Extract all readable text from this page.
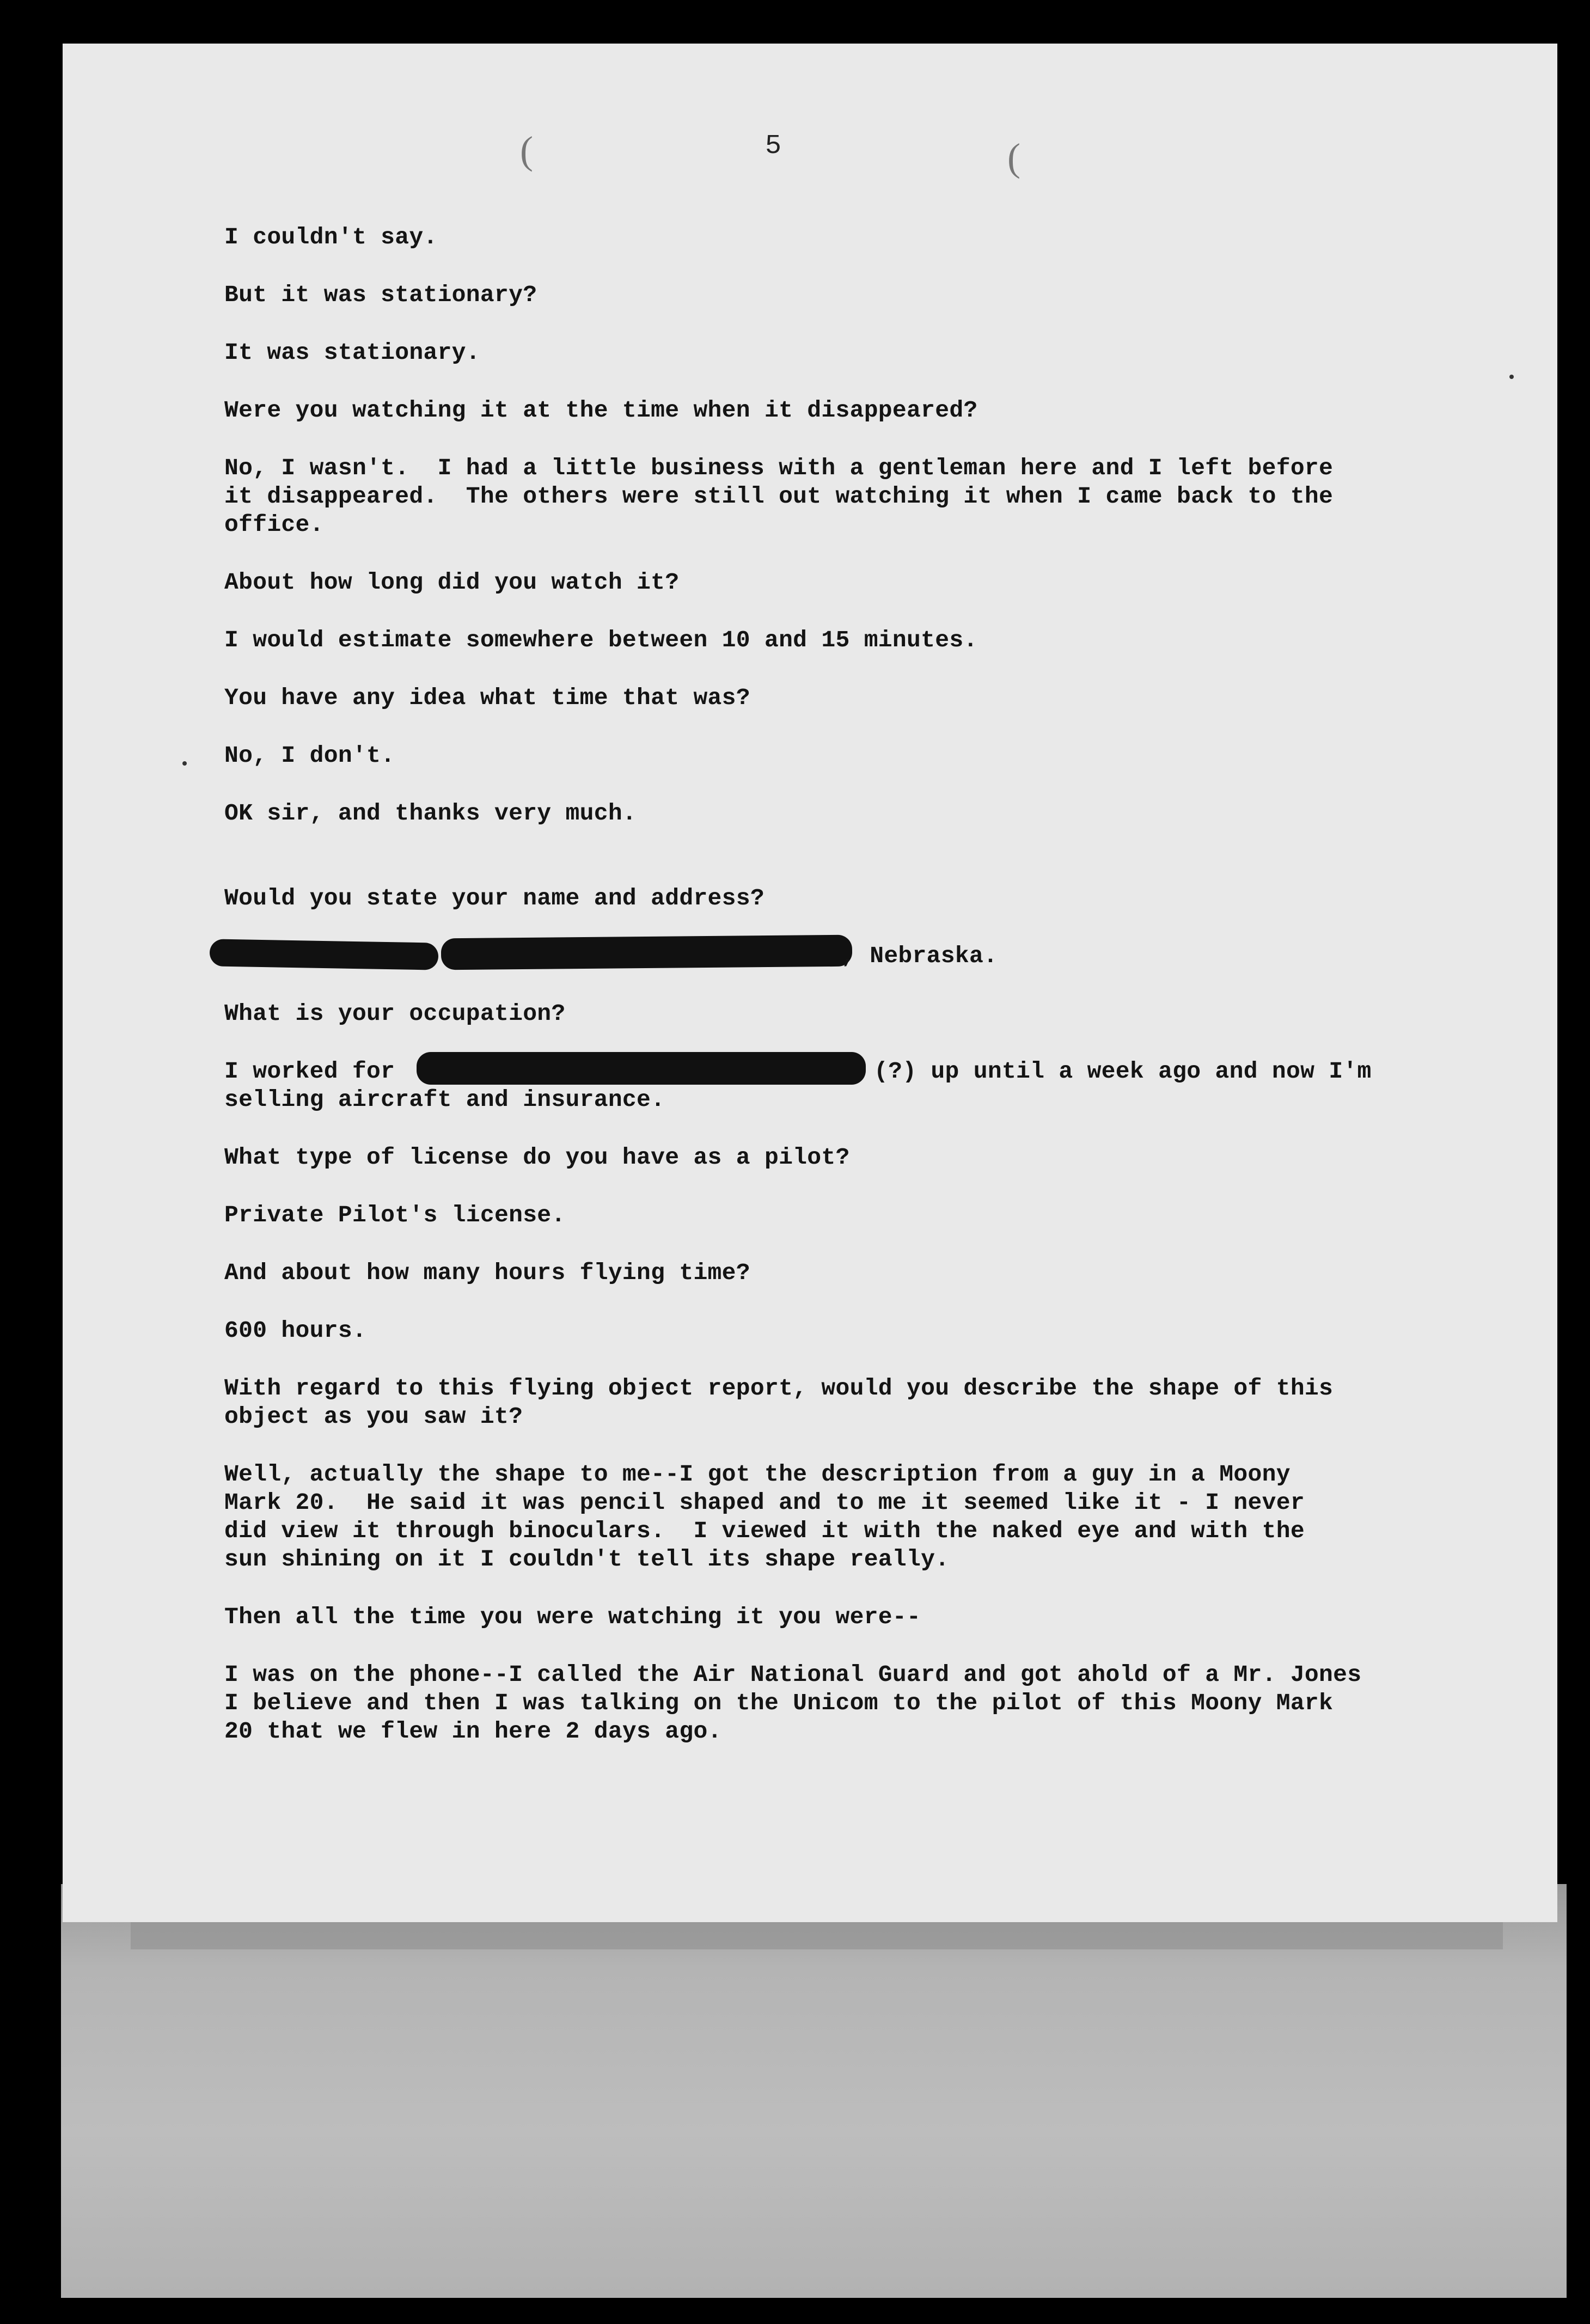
(	(
5
I couldn't say.
But it was stationary?
It was stationary.
Were you watching it at the time when it disappeared?
No, I wasn't.  I had a little business with a gentleman here and I left before
it disappeared.  The others were still out watching it when I came back to the
office.
About how long did you watch it?
I would estimate somewhere between 10 and 15 minutes.
You have any idea what time that was?
No, I don't.
OK sir, and thanks very much.
Would you state your name and address?
, Nebraska.
What is your occupation?
I worked for	(?) up until a week ago and now I'm
selling aircraft and insurance.
What type of license do you have as a pilot?
Private Pilot's license.
And about how many hours flying time?
600 hours.
With regard to this flying object report, would you describe the shape of this
object as you saw it?
Well, actually the shape to me--I got the description from a guy in a Moony
Mark 20.  He said it was pencil shaped and to me it seemed like it - I never
did view it through binoculars.  I viewed it with the naked eye and with the
sun shining on it I couldn't tell its shape really.
Then all the time you were watching it you were--
I was on the phone--I called the Air National Guard and got ahold of a Mr. Jones
I believe and then I was talking on the Unicom to the pilot of this Moony Mark
20 that we flew in here 2 days ago.
